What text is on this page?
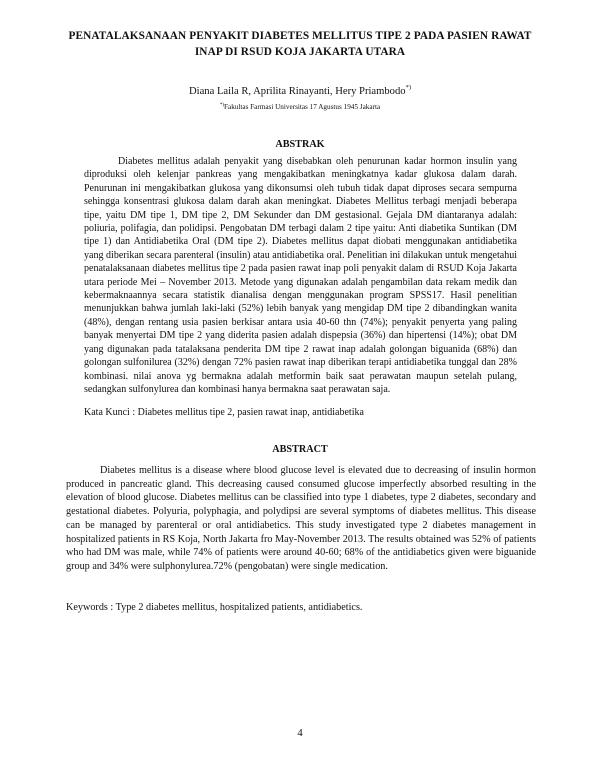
PENATALAKSANAAN PENYAKIT DIABETES MELLITUS TIPE 2 PADA PASIEN RAWAT INAP DI RSUD KOJA JAKARTA UTARA
Diana Laila R, Aprilita Rinayanti, Hery Priambodo*)
*)Fakultas Farmasi Universitas 17 Agustus 1945 Jakarta
ABSTRAK
Diabetes mellitus adalah penyakit yang disebabkan oleh penurunan kadar hormon insulin yang diproduksi oleh kelenjar pankreas yang mengakibatkan meningkatnya kadar glukosa dalam darah. Penurunan ini mengakibatkan glukosa yang dikonsumsi oleh tubuh tidak dapat diproses secara sempurna sehingga konsentrasi glukosa dalam darah akan meningkat. Diabetes Mellitus terbagi menjadi beberapa tipe, yaitu DM tipe 1, DM tipe 2, DM Sekunder dan DM gestasional. Gejala DM diantaranya adalah: poliuria, polifagia, dan polidipsi. Pengobatan DM terbagi dalam 2 tipe yaitu: Anti diabetika Suntikan (DM tipe 1) dan Antidiabetika Oral (DM tipe 2). Diabetes mellitus dapat diobati menggunakan antidiabetika yang diberikan secara parenteral (insulin) atau antidiabetika oral. Penelitian ini dilakukan untuk mengetahui penatalaksanaan diabetes mellitus tipe 2 pada pasien rawat inap poli penyakit dalam di RSUD Koja Jakarta utara periode Mei – November 2013. Metode yang digunakan adalah pengambilan data rekam medik dan kebermaknaannya secara statistik dianalisa dengan menggunakan program SPSS17. Hasil penelitian menunjukkan bahwa jumlah laki-laki (52%) lebih banyak yang mengidap DM tipe 2 dibandingkan wanita (48%), dengan rentang usia pasien berkisar antara usia 40-60 thn (74%); penyakit penyerta yang paling banyak menyertai DM tipe 2 yang diderita pasien adalah dispepsia (36%) dan hipertensi (14%); obat DM yang digunakan pada tatalaksana penderita DM tipe 2 rawat inap adalah golongan biguanida (68%) dan golongan sulfonilurea (32%) dengan 72% pasien rawat inap diberikan terapi antidiabetika tunggal dan 28% kombinasi. nilai anova yg bermakna adalah metformin baik saat perawatan maupun setelah pulang, sedangkan sulfonylurea dan kombinasi hanya bermakna saat perawatan saja.
Kata Kunci : Diabetes mellitus tipe 2, pasien rawat inap, antidiabetika
ABSTRACT
Diabetes mellitus is a disease where blood glucose level is elevated due to decreasing of insulin hormon produced in pancreatic gland. This decreasing caused consumed glucose imperfectly absorbed resulting in the elevation of blood glucose. Diabetes mellitus can be classified into type 1 diabetes, type 2 diabetes, secondary and gestational diabetes. Polyuria, polyphagia, and polydipsi are several symptoms of diabetes mellitus. This disease can be managed by parenteral or oral antidiabetics. This study investigated type 2 diabetes management in hospitalized patients in RS Koja, North Jakarta fro May-November 2013. The results obtained was 52% of patients who had DM was male, while 74% of patients were around 40-60; 68% of the antidiabetics given were biguanide group and 34% were sulphonylurea.72% (pengobatan) were single medication.
Keywords : Type 2 diabetes mellitus, hospitalized patients, antidiabetics.
4
